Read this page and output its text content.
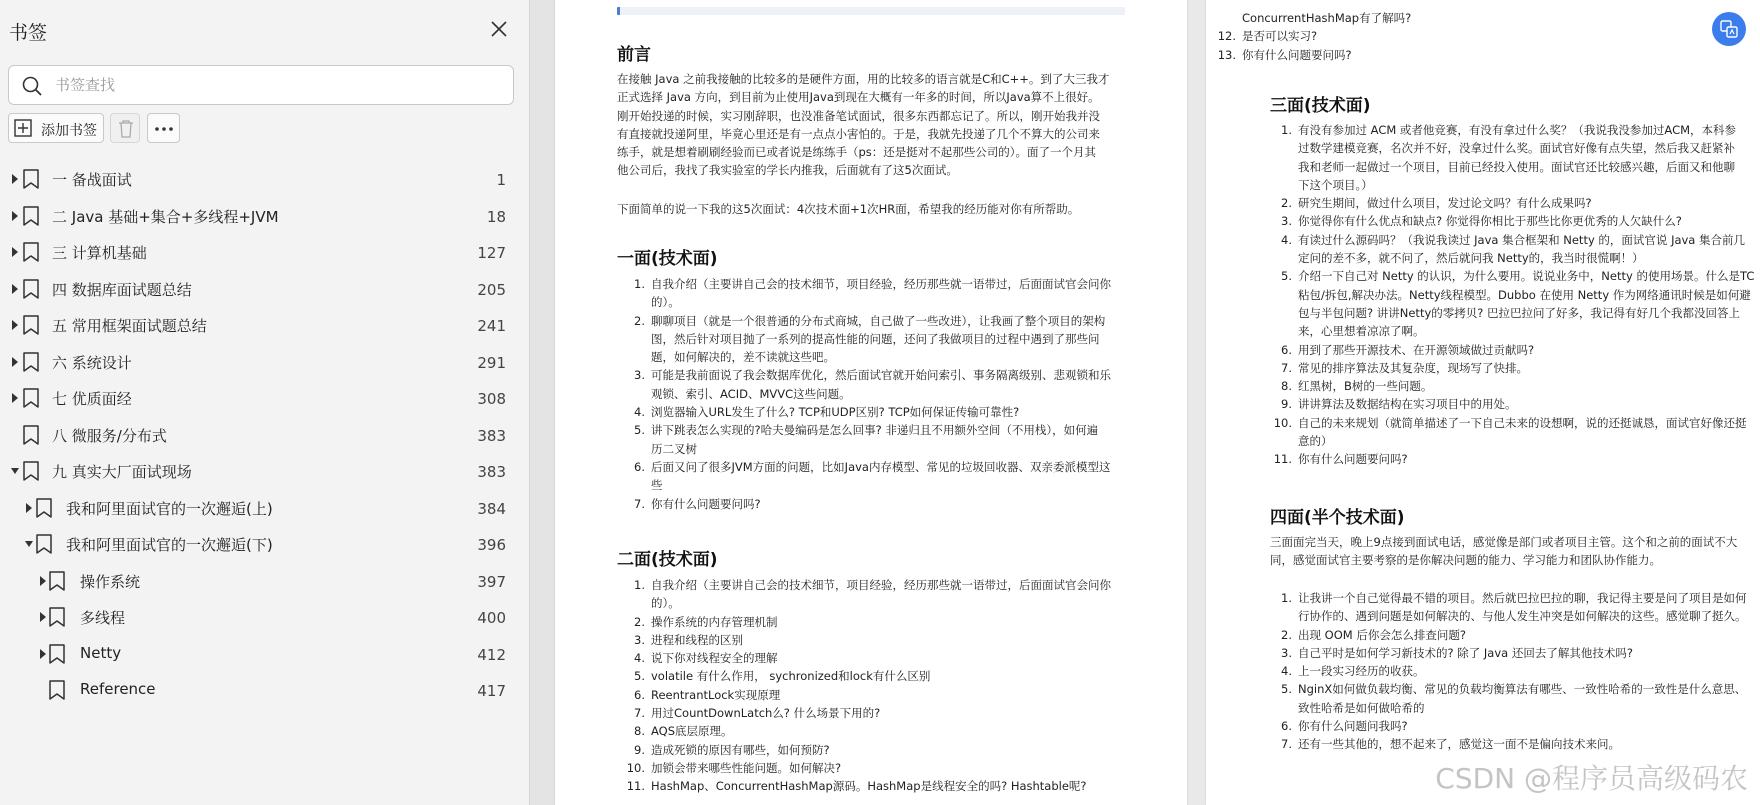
书签
书签查找
添加书签
一 备战面试	1
二 Java 基础+集合+多线程+JVM	18
三 计算机基础	127
四 数据库面试题总结	205
五 常用框架面试题总结	241
六 系统设计	291
七 优质面经	308
八 微服务/分布式	383
九 真实大厂面试现场	383
我和阿里面试官的一次邂逅(上)	384
我和阿里面试官的一次邂逅(下)	396
操作系统	397
多线程	400
Netty	412
Reference	417
前言
在接触 Java 之前我接触的比较多的是硬件方面，用的比较多的语言就是C和C++。到了大三我才
正式选择 Java 方向，到目前为止使用Java到现在大概有一年多的时间，所以Java算不上很好。
刚开始投递的时候，实习刚辞职，也没准备笔试面试，很多东西都忘记了。所以，刚开始我并没
有直接就投递阿里，毕竟心里还是有一点点小害怕的。于是，我就先投递了几个不算大的公司来
练手，就是想着刷刷经验而已或者说是练练手（ps：还是挺对不起那些公司的）。面了一个月其
他公司后，我找了我实验室的学长内推我，后面就有了这5次面试。
下面简单的说一下我的这5次面试：4次技术面+1次HR面，希望我的经历能对你有所帮助。
一面(技术面)
1. 自我介绍（主要讲自己会的技术细节，项目经验，经历那些就一语带过，后面面试官会问你
的）。
2. 聊聊项目（就是一个很普通的分布式商城，自己做了一些改进），让我画了整个项目的架构
图，然后针对项目抛了一系列的提高性能的问题，还问了我做项目的过程中遇到了那些问
题，如何解决的，差不读就这些吧。
3. 可能是我前面说了我会数据库优化，然后面试官就开始问索引、事务隔离级别、悲观锁和乐
观锁、索引、ACID、MVVC这些问题。
4. 浏览器输入URL发生了什么? TCP和UDP区别? TCP如何保证传输可靠性?
5. 讲下跳表怎么实现的?哈夫曼编码是怎么回事? 非递归且不用额外空间（不用栈），如何遍
历二叉树
6. 后面又问了很多JVM方面的问题，比如Java内存模型、常见的垃圾回收器、双亲委派模型这
些
7. 你有什么问题要问吗?
二面(技术面)
1. 自我介绍（主要讲自己会的技术细节，项目经验，经历那些就一语带过，后面面试官会问你
的）。
2. 操作系统的内存管理机制
3. 进程和线程的区别
4. 说下你对线程安全的理解
5. volatile 有什么作用， sychronized和lock有什么区别
6. ReentrantLock实现原理
7. 用过CountDownLatch么? 什么场景下用的?
8. AQS底层原理。
9. 造成死锁的原因有哪些，如何预防?
10. 加锁会带来哪些性能问题。如何解决?
11. HashMap、ConcurrentHashMap源码。HashMap是线程安全的吗? Hashtable呢?
ConcurrentHashMap有了解吗?
12. 是否可以实习?
13. 你有什么问题要问吗?
三面(技术面)
1. 有没有参加过 ACM 或者他竞赛，有没有拿过什么奖？（我说我没参加过ACM，本科参
过数学建模竞赛，名次并不好，没拿过什么奖。面试官好像有点失望，然后我又赶紧补
我和老师一起做过一个项目，目前已经投入使用。面试官还比较感兴趣，后面又和他聊
下这个项目。）
2. 研究生期间，做过什么项目，发过论文吗？有什么成果吗?
3. 你觉得你有什么优点和缺点? 你觉得你相比于那些比你更优秀的人欠缺什么?
4. 有读过什么源码吗？（我说我读过 Java 集合框架和 Netty 的，面试官说 Java 集合前几
定问的差不多，就不问了，然后就问我 Netty的，我当时很慌啊！）
5. 介绍一下自己对 Netty 的认识，为什么要用。说说业务中，Netty 的使用场景。什么是TC
粘包/拆包,解决办法。Netty线程模型。Dubbo 在使用 Netty 作为网络通讯时候是如何避
包与半包问题? 讲讲Netty的零拷贝? 巴拉巴拉问了好多，我记得有好几个我都没回答上
来，心里想着凉凉了啊。
6. 用到了那些开源技术、在开源领域做过贡献吗?
7. 常见的排序算法及其复杂度，现场写了快排。
8. 红黑树，B树的一些问题。
9. 讲讲算法及数据结构在实习项目中的用处。
10. 自己的未来规划（就简单描述了一下自己未来的设想啊，说的还挺诚恳，面试官好像还挺
意的）
11. 你有什么问题要问吗?
四面(半个技术面)
三面面完当天，晚上9点接到面试电话，感觉像是部门或者项目主管。这个和之前的面试不大
同，感觉面试官主要考察的是你解决问题的能力、学习能力和团队协作能力。
1. 让我讲一个自己觉得最不错的项目。然后就巴拉巴拉的聊，我记得主要是问了项目是如何
行协作的、遇到问题是如何解决的、与他人发生冲突是如何解决的这些。感觉聊了挺久。
2. 出现 OOM 后你会怎么排查问题?
3. 自己平时是如何学习新技术的? 除了 Java 还回去了解其他技术吗?
4. 上一段实习经历的收获。
5. NginX如何做负载均衡、常见的负载均衡算法有哪些、一致性哈希的一致性是什么意思、
致性哈希是如何做哈希的
6. 你有什么问题问我吗?
7. 还有一些其他的，想不起来了，感觉这一面不是偏向技术来问。
CSDN @程序员高级码农
